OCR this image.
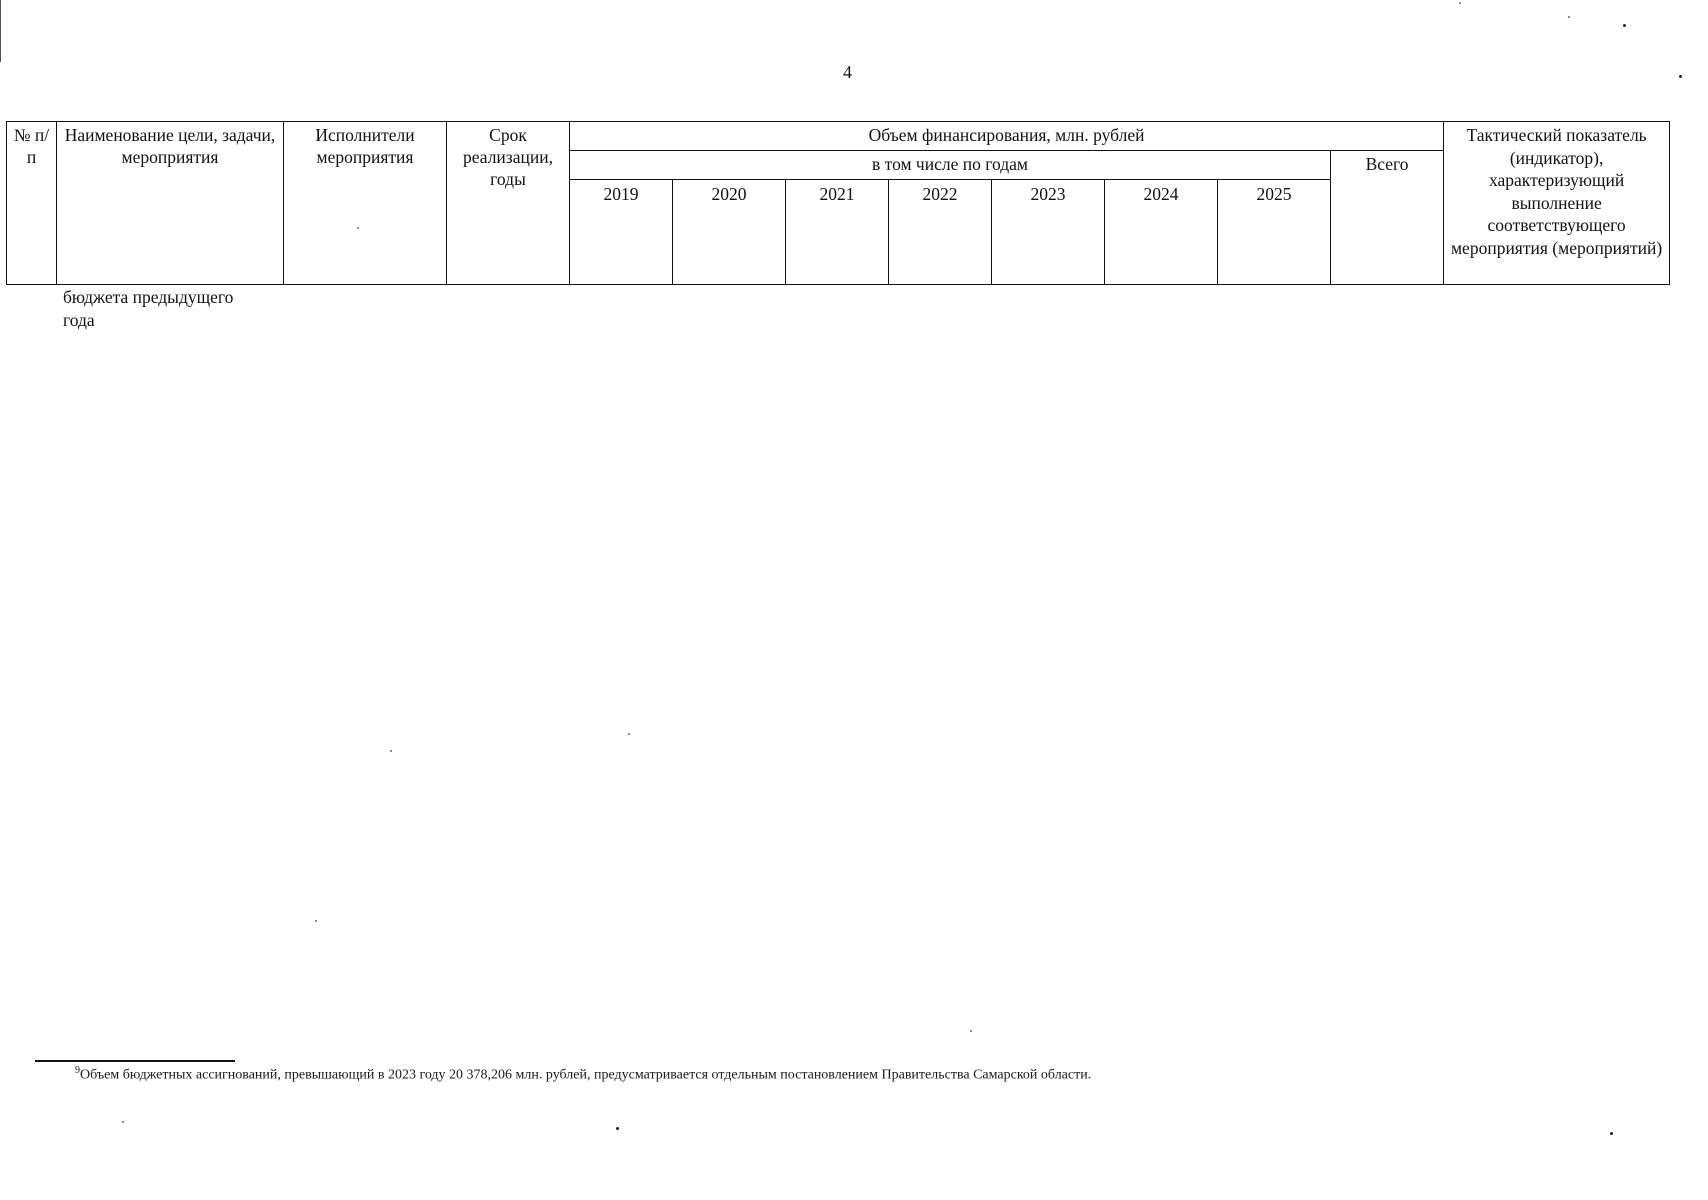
4
№ п/п	Наименование цели, задачи, мероприятия	Исполнители мероприятия	Срок реализации, годы	Объем финансирования, млн. рублей								Тактический показатель (индикатор), характеризующий выполнение соответствующего мероприятия (мероприятий)
				в том числе по годам							Всего	
				2019	2020	2021	2022	2023	2024	2025		
бюджета предыдущего
года
$^9$Объем бюджетных ассигнований, превышающий в 2023 году 20 378,206 млн. рублей, предусматривается отдельным постановлением Правительства Самарской области.
